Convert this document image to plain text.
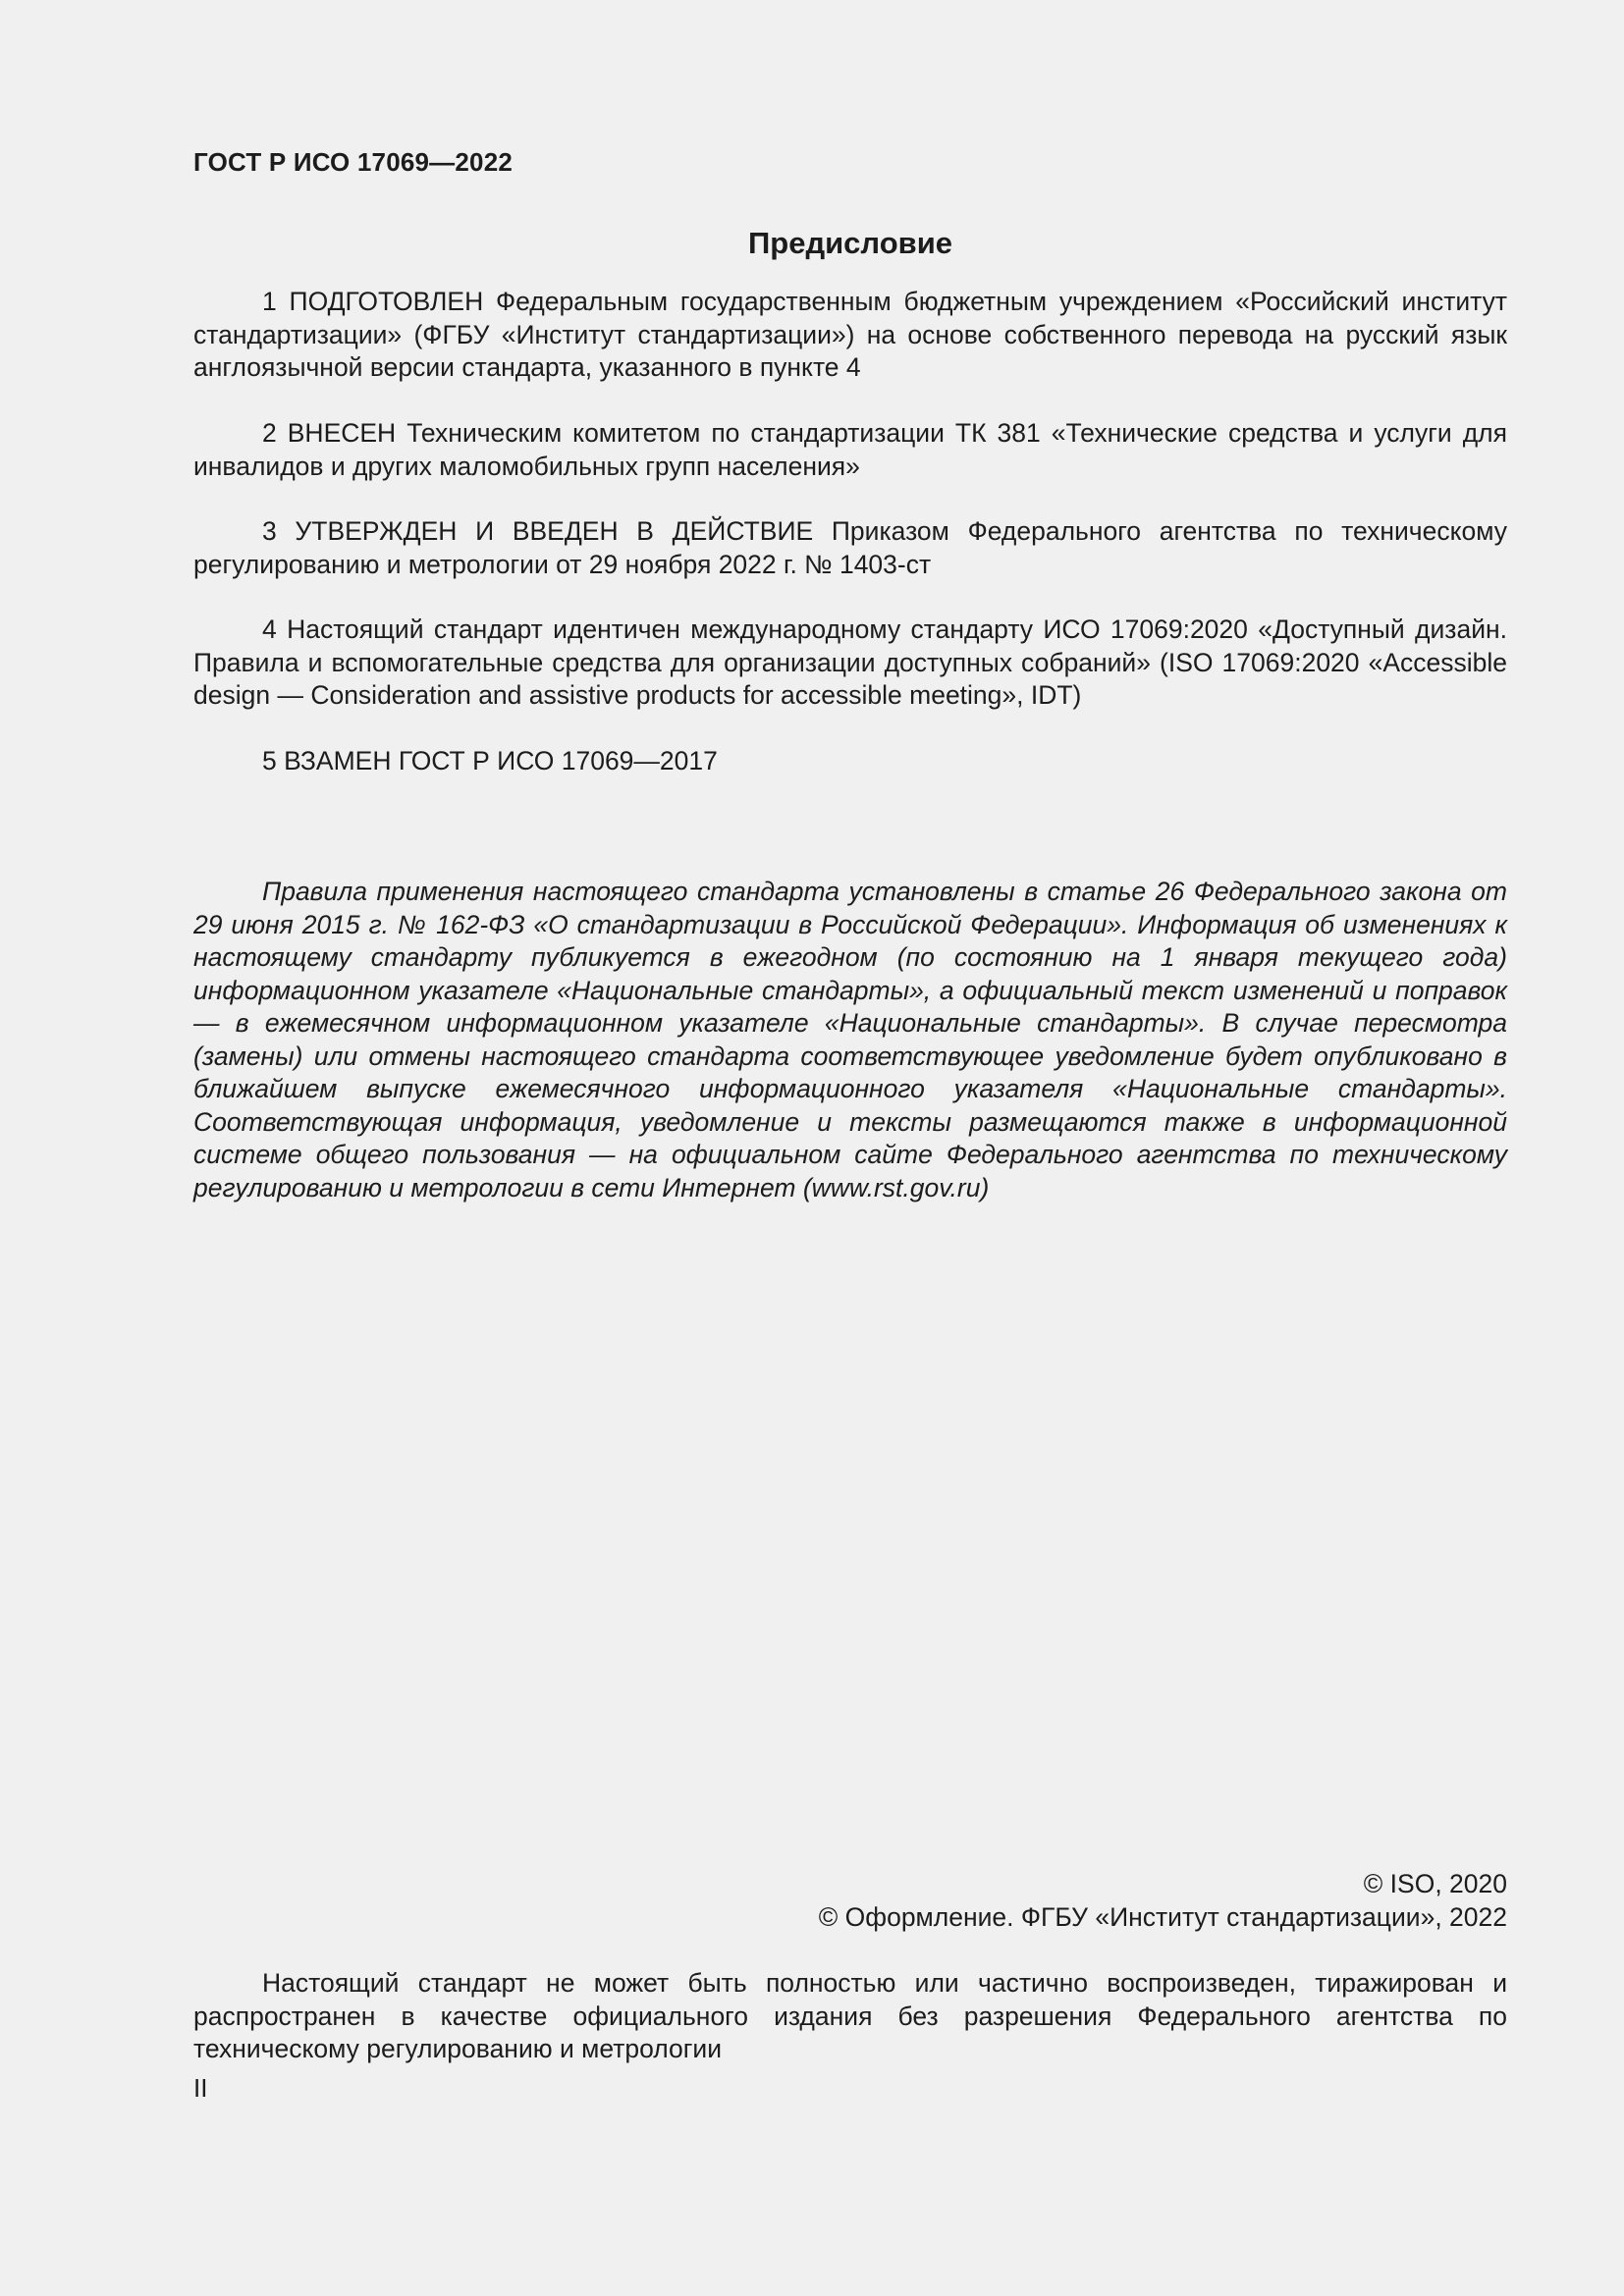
ГОСТ Р ИСО 17069—2022
Предисловие

1 ПОДГОТОВЛЕН Федеральным государственным бюджетным учреждением «Российский институт стандартизации» (ФГБУ «Институт стандартизации») на основе собственного перевода на русский язык англоязычной версии стандарта, указанного в пункте 4

2 ВНЕСЕН Техническим комитетом по стандартизации ТК 381 «Технические средства и услуги для инвалидов и других маломобильных групп населения»

3 УТВЕРЖДЕН И ВВЕДЕН В ДЕЙСТВИЕ Приказом Федерального агентства по техническому регулированию и метрологии от 29 ноября 2022 г. № 1403-ст

4 Настоящий стандарт идентичен международному стандарту ИСО 17069:2020 «Доступный дизайн. Правила и вспомогательные средства для организации доступных собраний» (ISO 17069:2020 «Accessible design — Consideration and assistive products for accessible meeting», IDT)

5 ВЗАМЕН ГОСТ Р ИСО 17069—2017

Правила применения настоящего стандарта установлены в статье 26 Федерального закона от 29 июня 2015 г. № 162-ФЗ «О стандартизации в Российской Федерации». Информация об изменениях к настоящему стандарту публикуется в ежегодном (по состоянию на 1 января текущего года) информационном указателе «Национальные стандарты», а официальный текст изменений и поправок — в ежемесячном информационном указателе «Национальные стандарты». В случае пересмотра (замены) или отмены настоящего стандарта соответствующее уведомление будет опубликовано в ближайшем выпуске ежемесячного информационного указателя «Национальные стандарты». Соответствующая информация, уведомление и тексты размещаются также в информационной системе общего пользования — на официальном сайте Федерального агентства по техническому регулированию и метрологии в сети Интернет (www.rst.gov.ru)

© ISO, 2020
© Оформление. ФГБУ «Институт стандартизации», 2022

Настоящий стандарт не может быть полностью или частично воспроизведен, тиражирован и распространен в качестве официального издания без разрешения Федерального агентства по техническому регулированию и метрологии

II
